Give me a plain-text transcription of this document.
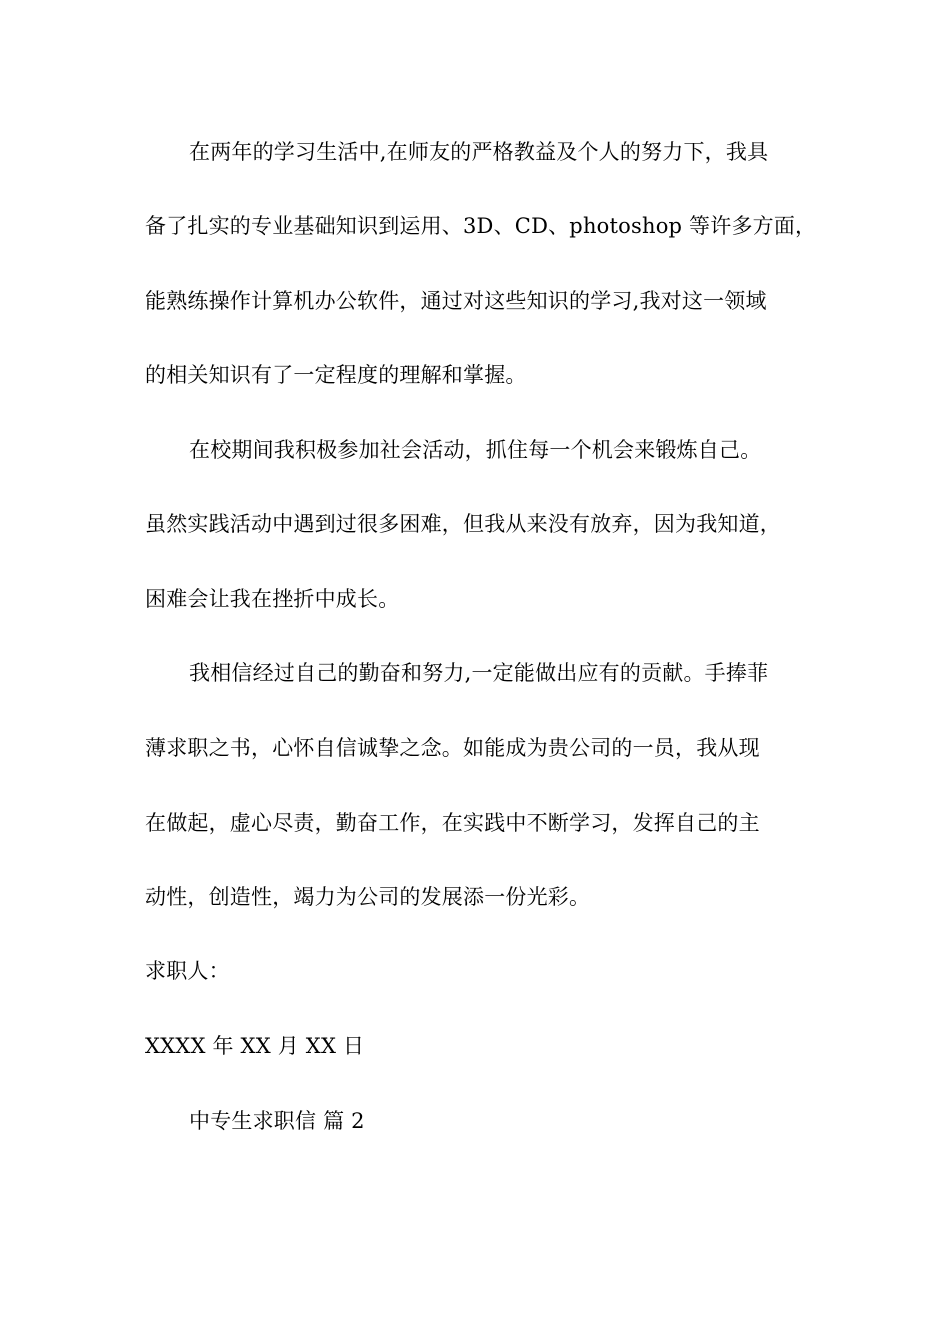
在两年的学习生活中,在师友的严格教益及个人的努力下，我具
备了扎实的专业基础知识到运用、3D、CD、photoshop 等许多方面，
能熟练操作计算机办公软件，通过对这些知识的学习,我对这一领域
的相关知识有了一定程度的理解和掌握。
在校期间我积极参加社会活动，抓住每一个机会来锻炼自己。
虽然实践活动中遇到过很多困难，但我从来没有放弃，因为我知道，
困难会让我在挫折中成长。
我相信经过自己的勤奋和努力,一定能做出应有的贡献。手捧菲
薄求职之书，心怀自信诚挚之念。如能成为贵公司的一员，我从现
在做起，虚心尽责，勤奋工作，在实践中不断学习，发挥自己的主
动性，创造性，竭力为公司的发展添一份光彩。
求职人：
XXXX 年 XX 月 XX 日
中专生求职信 篇 2
